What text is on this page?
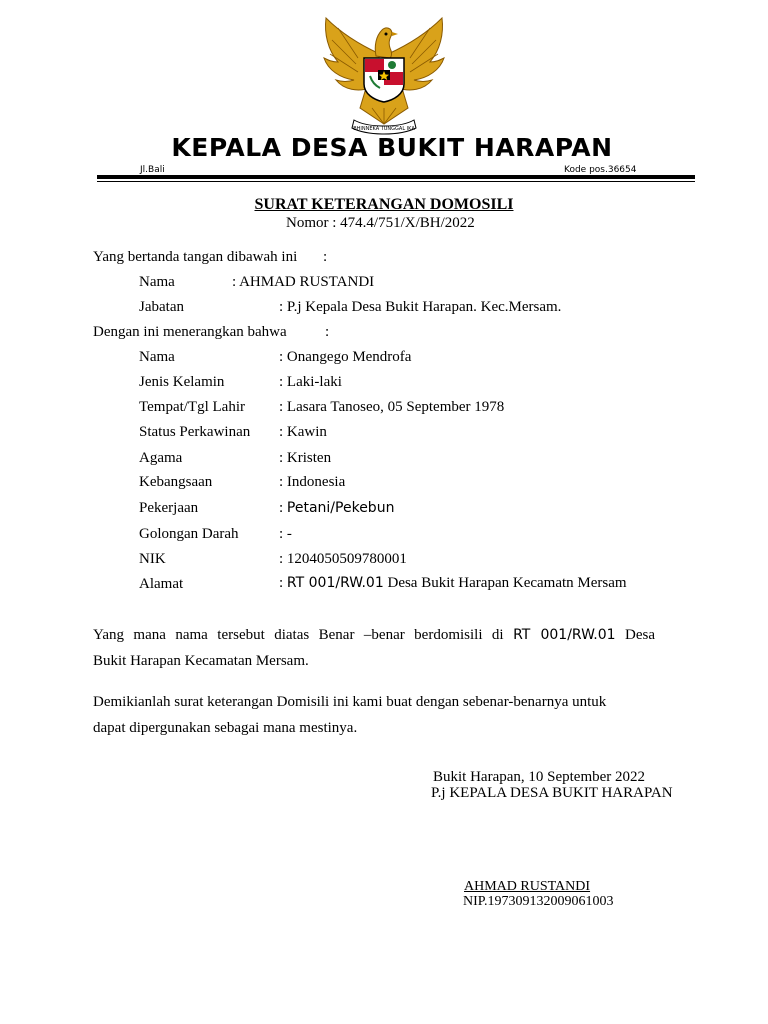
BHINNEKA TUNGGAL IKA
KEPALA DESA BUKIT HARAPAN
Jl.Bali	Kode pos.36654
SURAT KETERANGAN DOMOSILI
Nomor : 474.4/751/X/BH/2022
Yang bertanda tangan dibawah ini :
Nama	: AHMAD RUSTANDI
Jabatan	: P.j Kepala Desa Bukit Harapan. Kec.Mersam.
Dengan ini menerangkan bahwa	:
Nama	: Onangego Mendrofa
Jenis Kelamin	: Laki-laki
Tempat/Tgl Lahir : Lasara Tanoseo, 05 September 1978
Status Perkawinan : Kawin
Agama	: Kristen
Kebangsaan	: Indonesia
Pekerjaan	: Petani/Pekebun
Golongan Darah	: -
NIK	: 1204050509780001
Alamat	: RT 001/RW.01 Desa Bukit Harapan Kecamatn Mersam
Yang mana nama tersebut diatas Benar –benar berdomisili di RT 001/RW.01 Desa
Bukit Harapan Kecamatan Mersam.
Demikianlah surat keterangan Domisili ini kami buat dengan sebenar-benarnya untuk
dapat dipergunakan sebagai mana mestinya.
Bukit Harapan, 10 September 2022
P.j KEPALA DESA BUKIT HARAPAN
AHMAD RUSTANDI
NIP.197309132009061003
